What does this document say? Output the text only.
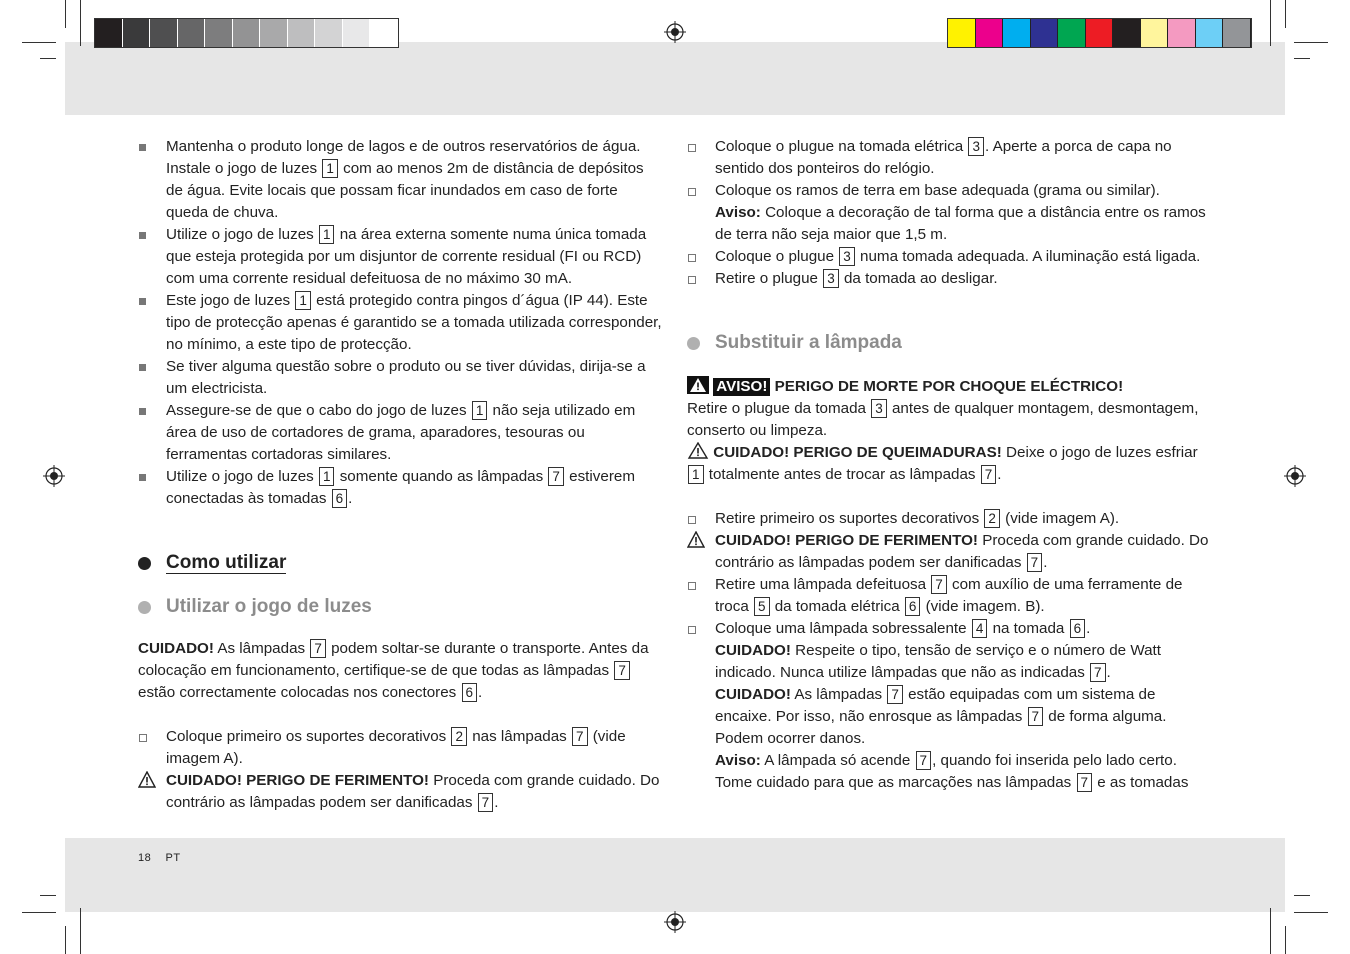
Mantenha o produto longe de lagos e de outros reservatórios de água. Instale o jogo de luzes 1 com ao menos 2m de distância de depósitos de água. Evite locais que possam ficar inundados em caso de forte queda de chuva.
Utilize o jogo de luzes 1 na área externa somente numa única tomada que esteja protegida por um disjuntor de corrente residual (FI ou RCD) com uma corrente residual defeituosa de no máximo 30 mA.
Este jogo de luzes 1 está protegido contra pingos d´água (IP 44). Este tipo de protecção apenas é garantido se a tomada utilizada corresponder, no mínimo, a este tipo de protecção.
Se tiver alguma questão sobre o produto ou se tiver dúvidas, dirija-se a um electricista.
Assegure-se de que o cabo do jogo de luzes 1 não seja utilizado em área de uso de cortadores de grama, aparadores, tesouras ou ferramentas cortadoras similares.
Utilize o jogo de luzes 1 somente quando as lâmpadas 7 estiverem conectadas às tomadas 6 .
Como utilizar
Utilizar o jogo de luzes
CUIDADO! As lâmpadas 7 podem soltar-se durante o transporte. Antes da colocação em funcionamento, certifique-se de que todas as lâmpadas 7 estão correctamente colocadas nos conectores 6 .
Coloque primeiro os suportes decorativos 2 nas lâmpadas 7 (vide imagem A).
CUIDADO! PERIGO DE FERIMENTO! Proceda com grande cuidado. Do contrário as lâmpadas podem ser danificadas 7 .
Coloque o plugue na tomada elétrica 3 . Aperte a porca de capa no sentido dos ponteiros do relógio.
Coloque os ramos de terra em base adequada (grama ou similar).
Aviso: Coloque a decoração de tal forma que a distância entre os ramos de terra não seja maior que 1,5 m.
Coloque o plugue 3 numa tomada adequada. A iluminação está ligada.
Retire o plugue 3 da tomada ao desligar.
Substituir a lâmpada
AVISO! PERIGO DE MORTE POR CHOQUE ELÉCTRICO!
Retire o plugue da tomada 3 antes de qualquer montagem, desmontagem, conserto ou limpeza.
CUIDADO! PERIGO DE QUEIMADURAS! Deixe o jogo de luzes esfriar 1 totalmente antes de trocar as lâmpadas 7 .
Retire primeiro os suportes decorativos 2 (vide imagem A).
CUIDADO! PERIGO DE FERIMENTO! Proceda com grande cuidado. Do contrário as lâmpadas podem ser danificadas 7 .
Retire uma lâmpada defeituosa 7 com auxílio de uma ferramente de troca 5 da tomada elétrica 6 (vide imagem. B).
Coloque uma lâmpada sobressalente 4 na tomada 6 .
CUIDADO! Respeite o tipo, tensão de serviço e o número de Watt indicado. Nunca utilize lâmpadas que não as indicadas 7 .
CUIDADO! As lâmpadas 7 estão equipadas com um sistema de encaixe. Por isso, não enrosque as lâmpadas 7 de forma alguma. Podem ocorrer danos.
Aviso: A lâmpada só acende 7 , quando foi inserida pelo lado certo. Tome cuidado para que as marcações nas lâmpadas 7 e as tomadas
18 PT
